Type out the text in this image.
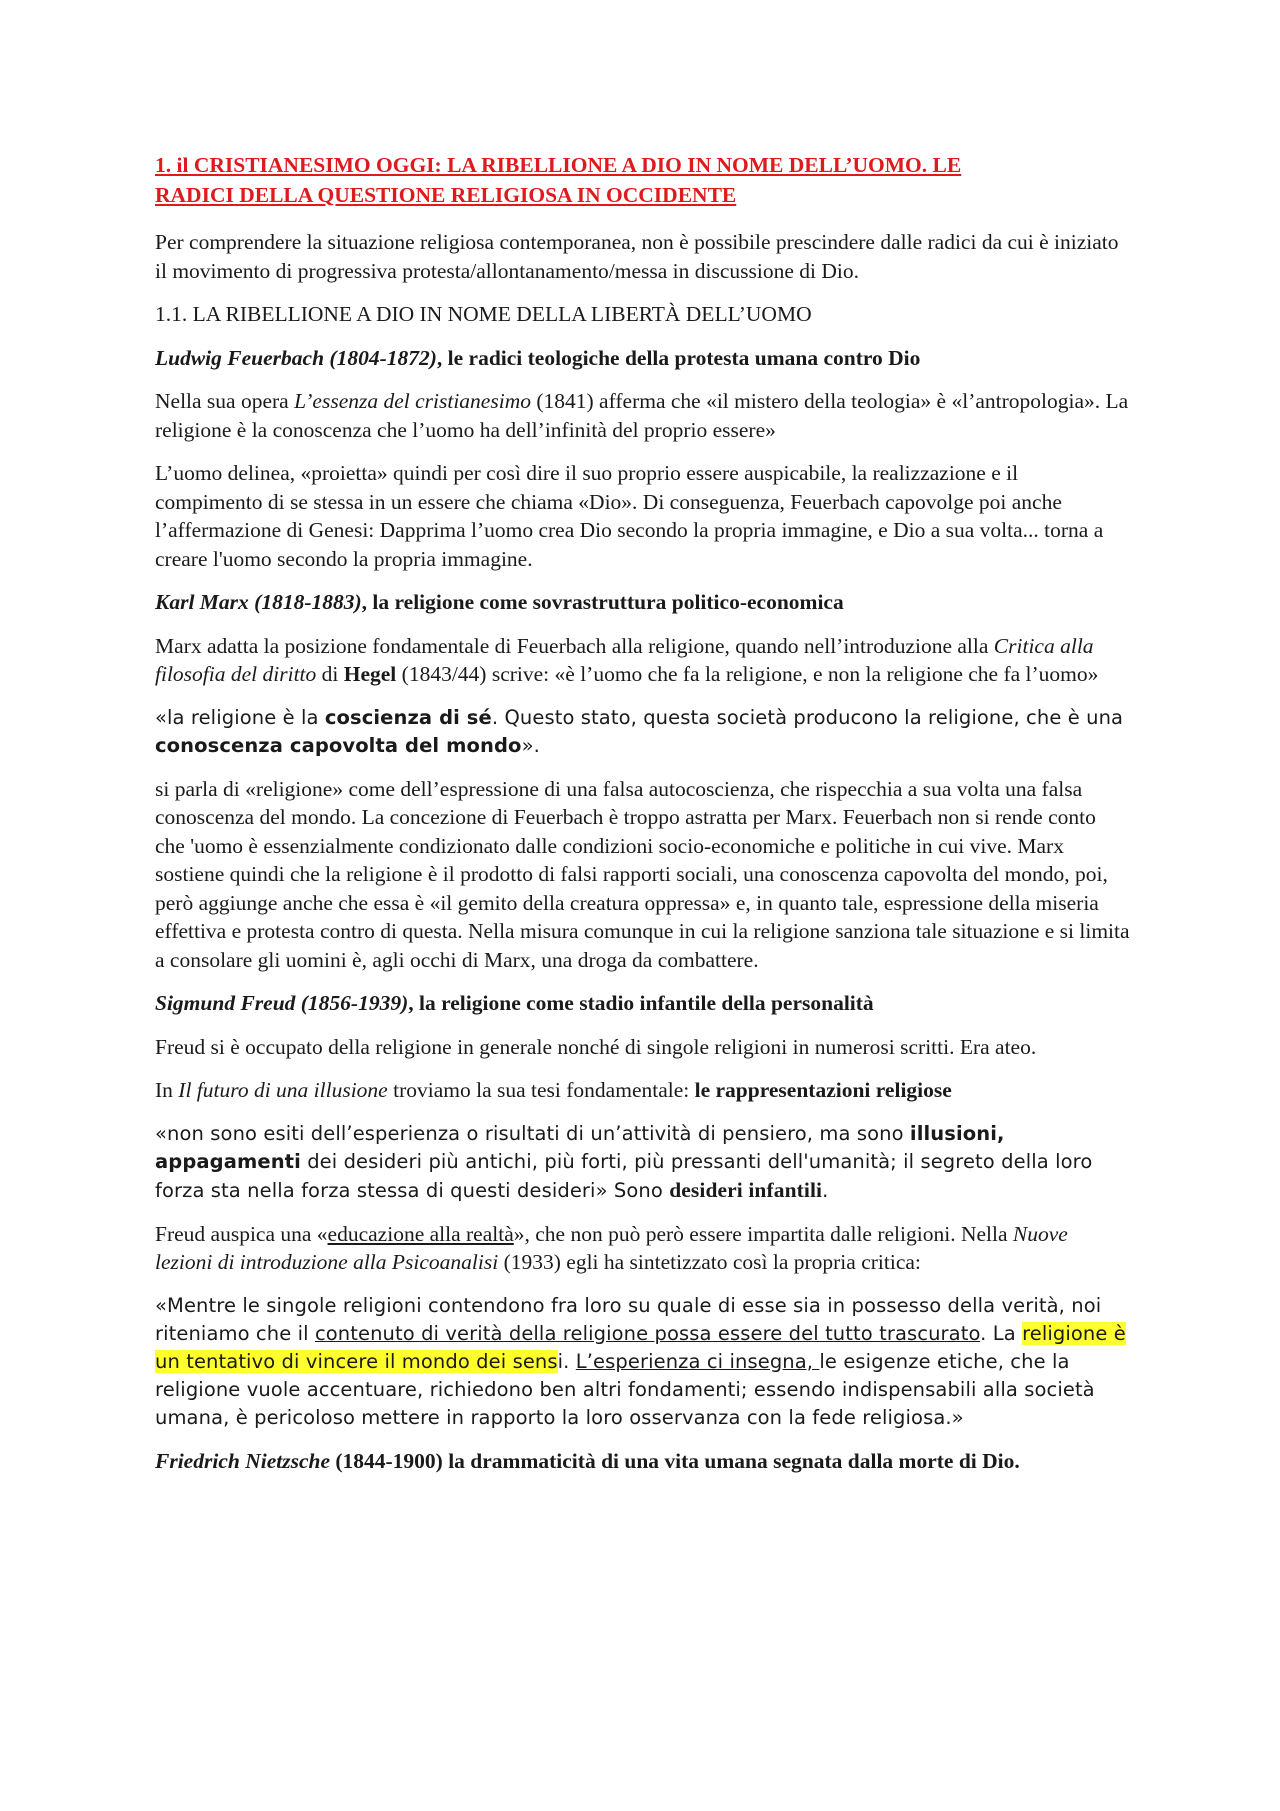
1. il CRISTIANESIMO OGGI: LA RIBELLIONE A DIO IN NOME DELL’UOMO. LE
RADICI DELLA QUESTIONE RELIGIOSA IN OCCIDENTE

Per comprendere la situazione religiosa contemporanea, non è possibile prescindere dalle radici da cui è iniziato il movimento di progressiva protesta/allontanamento/messa in discussione di Dio.

1.1. LA RIBELLIONE A DIO IN NOME DELLA LIBERTÀ DELL’UOMO

Ludwig Feuerbach (1804-1872), le radici teologiche della protesta umana contro Dio

Nella sua opera L’essenza del cristianesimo (1841) afferma che «il mistero della teologia» è «l’antropologia». La religione è la conoscenza che l’uomo ha dell’infinità del proprio essere»

L’uomo delinea, «proietta» quindi per così dire il suo proprio essere auspicabile, la realizzazione e il compimento di se stessa in un essere che chiama «Dio». Di conseguenza, Feuerbach capovolge poi anche l’affermazione di Genesi: Dapprima l’uomo crea Dio secondo la propria immagine, e Dio a sua volta... torna a creare l'uomo secondo la propria immagine.

Karl Marx (1818-1883), la religione come sovrastruttura politico-economica

Marx adatta la posizione fondamentale di Feuerbach alla religione, quando nell’introduzione alla Critica alla filosofia del diritto di Hegel (1843/44) scrive: «è l’uomo che fa la religione, e non la religione che fa l’uomo»

«la religione è la coscienza di sé. Questo stato, questa società producono la religione, che è una conoscenza capovolta del mondo».

si parla di «religione» come dell’espressione di una falsa autocoscienza, che rispecchia a sua volta una falsa conoscenza del mondo. La concezione di Feuerbach è troppo astratta per Marx. Feuerbach non si rende conto che 'uomo è essenzialmente condizionato dalle condizioni socio-economiche e politiche in cui vive. Marx sostiene quindi che la religione è il prodotto di falsi rapporti sociali, una conoscenza capovolta del mondo, poi, però aggiunge anche che essa è «il gemito della creatura oppressa» e, in quanto tale, espressione della miseria effettiva e protesta contro di questa. Nella misura comunque in cui la religione sanziona tale situazione e si limita a consolare gli uomini è, agli occhi di Marx, una droga da combattere.

Sigmund Freud (1856-1939), la religione come stadio infantile della personalità

Freud si è occupato della religione in generale nonché di singole religioni in numerosi scritti. Era ateo.

In Il futuro di una illusione troviamo la sua tesi fondamentale: le rappresentazioni religiose

«non sono esiti dell’esperienza o risultati di un’attività di pensiero, ma sono illusioni, appagamenti dei desideri più antichi, più forti, più pressanti dell'umanità; il segreto della loro forza sta nella forza stessa di questi desideri» Sono desideri infantili.

Freud auspica una «educazione alla realtà», che non può però essere impartita dalle religioni. Nella Nuove lezioni di introduzione alla Psicoanalisi (1933) egli ha sintetizzato così la propria critica:

«Mentre le singole religioni contendono fra loro su quale di esse sia in possesso della verità, noi riteniamo che il contenuto di verità della religione possa essere del tutto trascurato. La religione è un tentativo di vincere il mondo dei sensi. L’esperienza ci insegna, le esigenze etiche, che la religione vuole accentuare, richiedono ben altri fondamenti; essendo indispensabili alla società umana, è pericoloso mettere in rapporto la loro osservanza con la fede religiosa.»

Friedrich Nietzsche (1844-1900) la drammaticità di una vita umana segnata dalla morte di Dio.
